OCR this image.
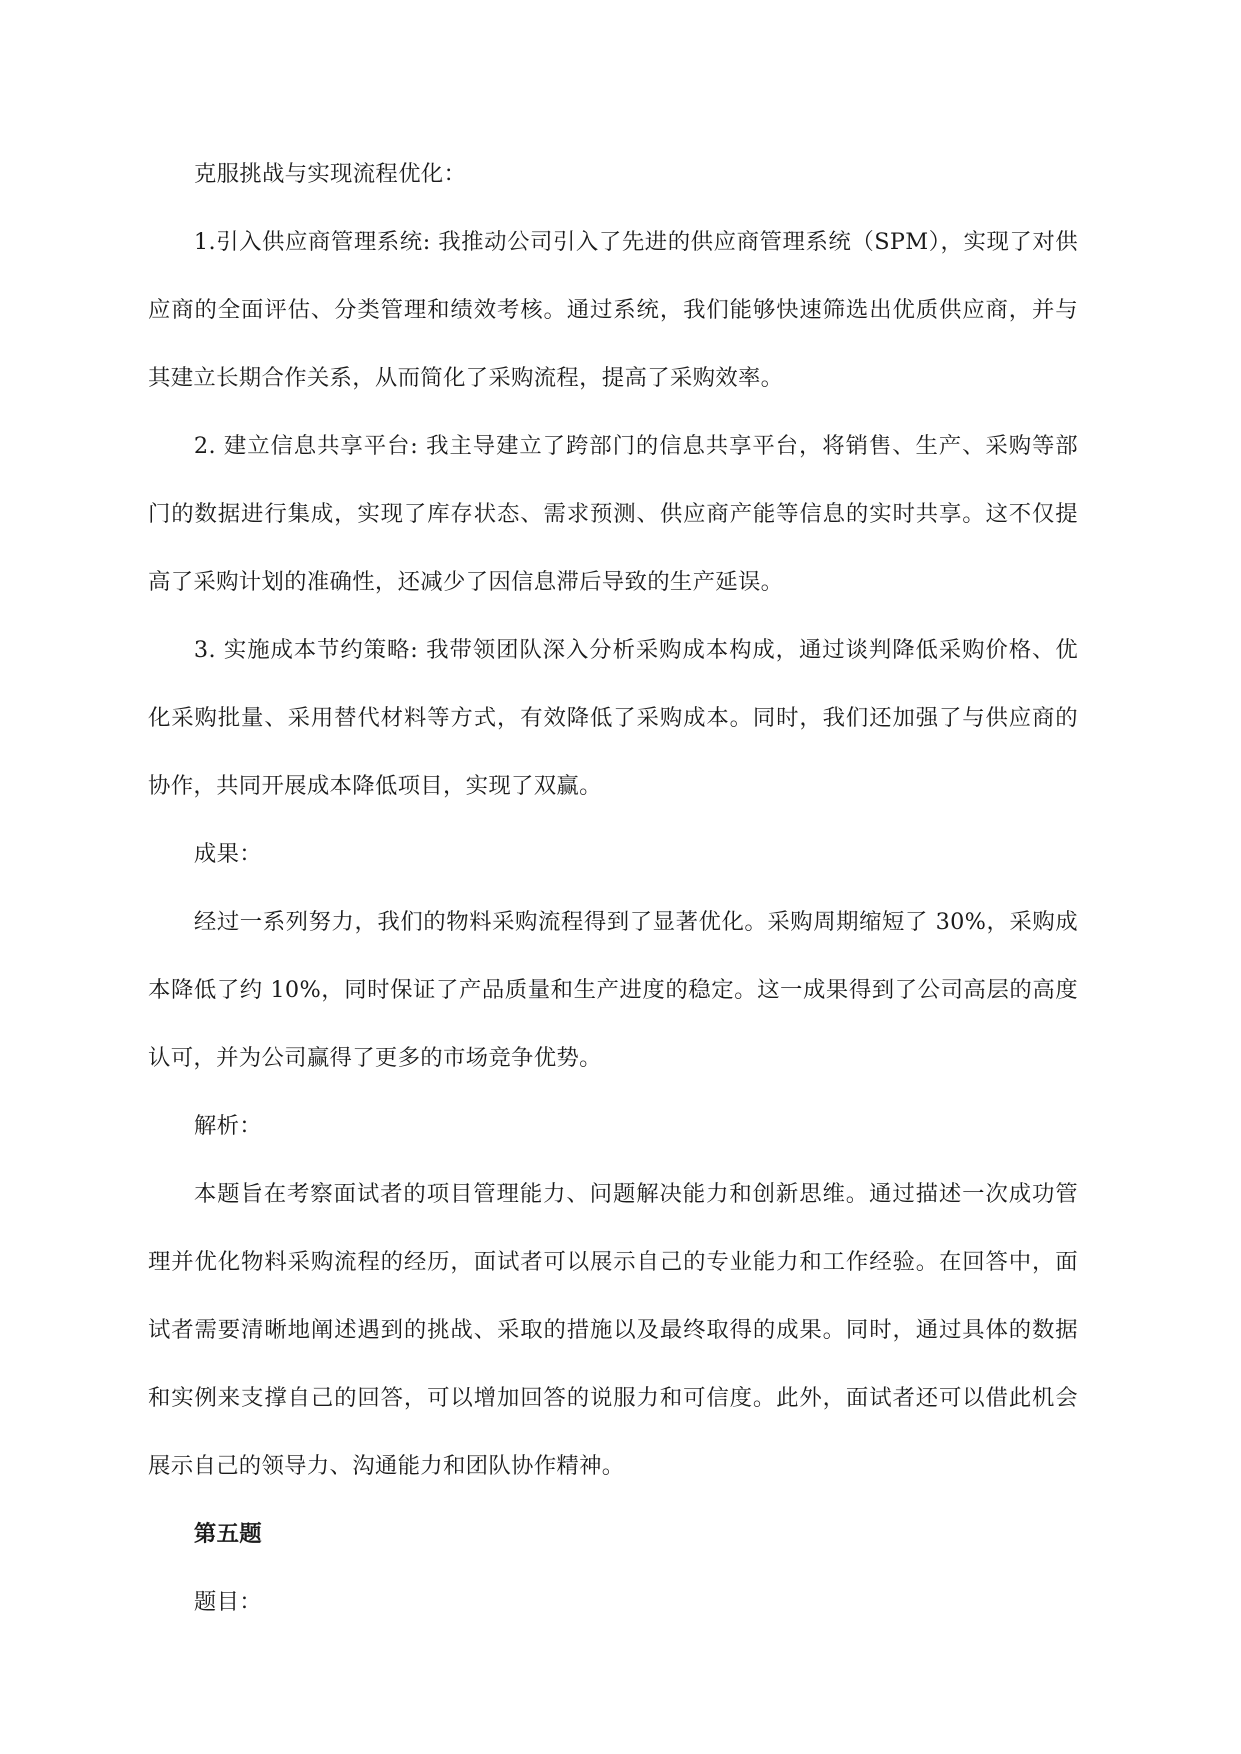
克服挑战与实现流程优化：

1.引入供应商管理系统: 我推动公司引入了先进的供应商管理系统（SPM），实现了对供应商的全面评估、分类管理和绩效考核。通过系统，我们能够快速筛选出优质供应商，并与其建立长期合作关系，从而简化了采购流程，提高了采购效率。

2. 建立信息共享平台: 我主导建立了跨部门的信息共享平台，将销售、生产、采购等部门的数据进行集成，实现了库存状态、需求预测、供应商产能等信息的实时共享。这不仅提高了采购计划的准确性，还减少了因信息滞后导致的生产延误。

3. 实施成本节约策略: 我带领团队深入分析采购成本构成，通过谈判降低采购价格、优化采购批量、采用替代材料等方式，有效降低了采购成本。同时，我们还加强了与供应商的协作，共同开展成本降低项目，实现了双赢。

成果：

经过一系列努力，我们的物料采购流程得到了显著优化。采购周期缩短了 30%，采购成本降低了约 10%，同时保证了产品质量和生产进度的稳定。这一成果得到了公司高层的高度认可，并为公司赢得了更多的市场竞争优势。

解析：

本题旨在考察面试者的项目管理能力、问题解决能力和创新思维。通过描述一次成功管理并优化物料采购流程的经历，面试者可以展示自己的专业能力和工作经验。在回答中，面试者需要清晰地阐述遇到的挑战、采取的措施以及最终取得的成果。同时，通过具体的数据和实例来支撑自己的回答，可以增加回答的说服力和可信度。此外，面试者还可以借此机会展示自己的领导力、沟通能力和团队协作精神。

第五题

题目：
